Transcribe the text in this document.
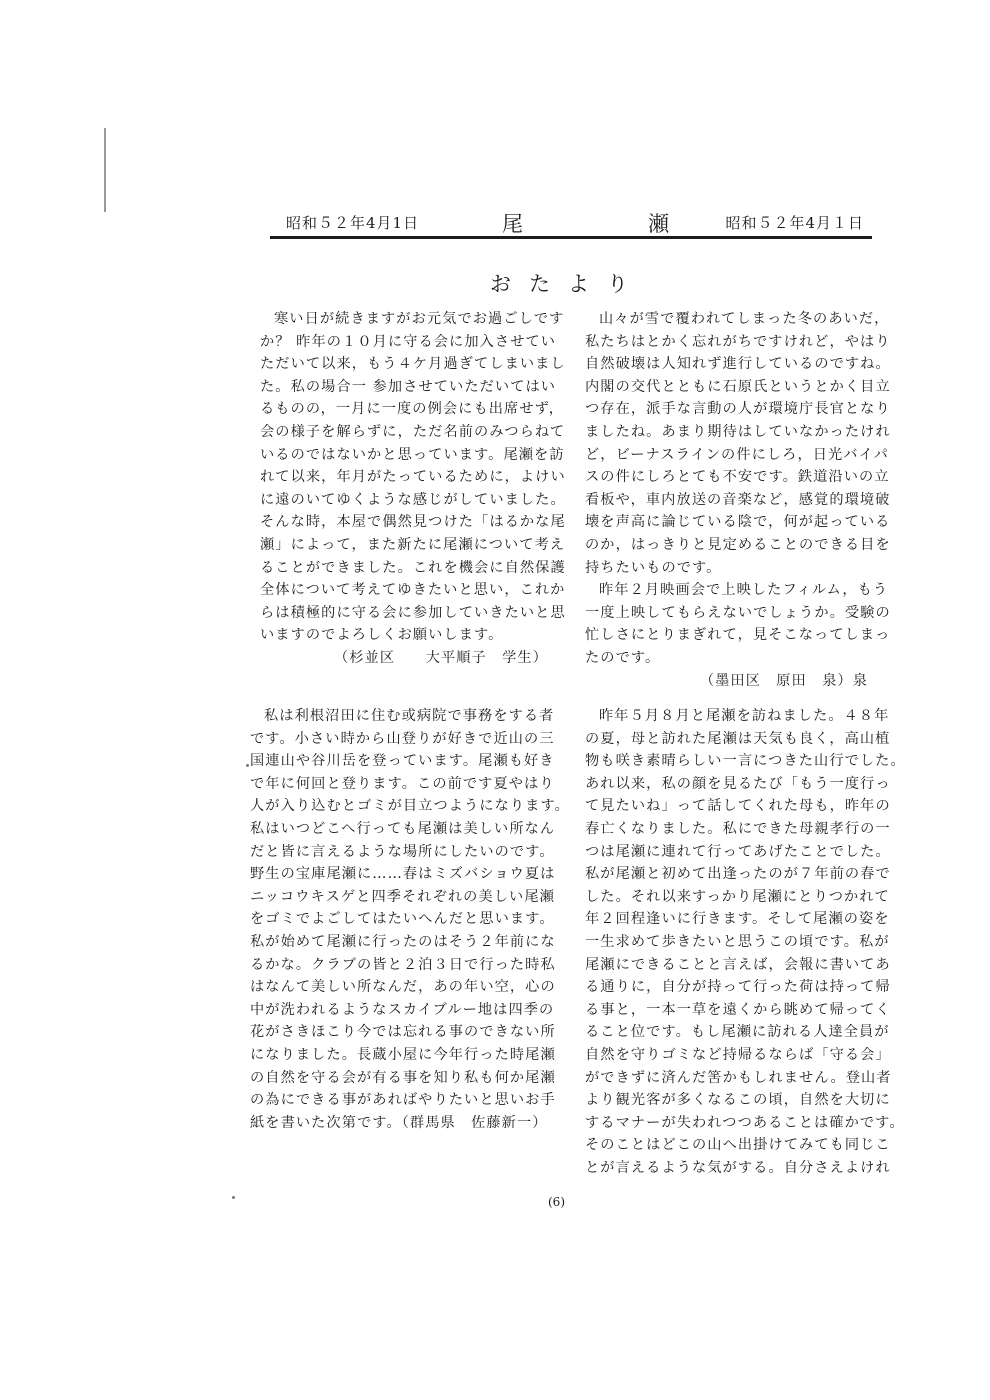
昭和５２年4月1日	尾	瀬	昭和５２年4月１日
おたより
寒い日が続きますがお元気でお過ごしです
か？ 昨年の１０月に守る会に加入させてい
ただいて以来，もう４ケ月過ぎてしまいまし
た。私の場合一 参加させていただいてはい
るものの，一月に一度の例会にも出席せず，
会の様子を解らずに，ただ名前のみつらねて
いるのではないかと思っています。尾瀬を訪
れて以来，年月がたっているために，よけい
に遠のいてゆくような感じがしていました。
そんな時，本屋で偶然見つけた「はるかな尾
瀬」によって，また新たに尾瀬について考え
ることができました。これを機会に自然保護
全体について考えてゆきたいと思い，これか
らは積極的に守る会に参加していきたいと思
いますのでよろしくお願いします。
（杉並区　　大平順子　学生）
山々が雪で覆われてしまった冬のあいだ，
私たちはとかく忘れがちですけれど，やはり
自然破壊は人知れず進行しているのですね。
内閣の交代とともに石原氏というとかく目立
つ存在，派手な言動の人が環境庁長官となり
ましたね。あまり期待はしていなかったけれ
ど，ビーナスラインの件にしろ，日光バイパ
スの件にしろとても不安です。鉄道沿いの立
看板や，車内放送の音楽など，感覚的環境破
壊を声高に論じている陰で，何が起っている
のか，はっきりと見定めることのできる目を
持ちたいものです。
昨年２月映画会で上映したフィルム，もう
一度上映してもらえないでしょうか。受験の
忙しさにとりまぎれて，見そこなってしまっ
たのです。
（墨田区　原田　泉）泉
私は利根沼田に住む或病院で事務をする者
です。小さい時から山登りが好きで近山の三
国連山や谷川岳を登っています。尾瀬も好き
で年に何回と登ります。この前です夏やはり
人が入り込むとゴミが目立つようになります。
私はいつどこへ行っても尾瀬は美しい所なん
だと皆に言えるような場所にしたいのです。
野生の宝庫尾瀬に……春はミズバショウ夏は
ニッコウキスゲと四季それぞれの美しい尾瀬
をゴミでよごしてはたいへんだと思います。
私が始めて尾瀬に行ったのはそう２年前にな
るかな。クラブの皆と２泊３日で行った時私
はなんて美しい所なんだ，あの年い空，心の
中が洗われるようなスカイブルー地は四季の
花がさきほこり今では忘れる事のできない所
になりました。長蔵小屋に今年行った時尾瀬
の自然を守る会が有る事を知り私も何か尾瀬
の為にできる事があればやりたいと思いお手
紙を書いた次第です。（群馬県　佐藤新一）
昨年５月８月と尾瀬を訪ねました。４８年
の夏，母と訪れた尾瀬は天気も良く，高山植
物も咲き素晴らしい一言につきた山行でした。
あれ以来，私の顔を見るたび「もう一度行っ
て見たいね」って話してくれた母も，昨年の
春亡くなりました。私にできた母親孝行の一
つは尾瀬に連れて行ってあげたことでした。
私が尾瀬と初めて出逢ったのが７年前の春で
した。それ以来すっかり尾瀬にとりつかれて
年２回程逢いに行きます。そして尾瀬の姿を
一生求めて歩きたいと思うこの頃です。私が
尾瀬にできることと言えば，会報に書いてあ
る通りに，自分が持って行った荷は持って帰
る事と，一本一草を遠くから眺めて帰ってく
ること位です。もし尾瀬に訪れる人達全員が
自然を守りゴミなど持帰るならば「守る会」
ができずに済んだ筈かもしれません。登山者
より観光客が多くなるこの頃，自然を大切に
するマナーが失われつつあることは確かです。
そのことはどこの山へ出掛けてみても同じこ
とが言えるような気がする。自分さえよけれ
(6)
